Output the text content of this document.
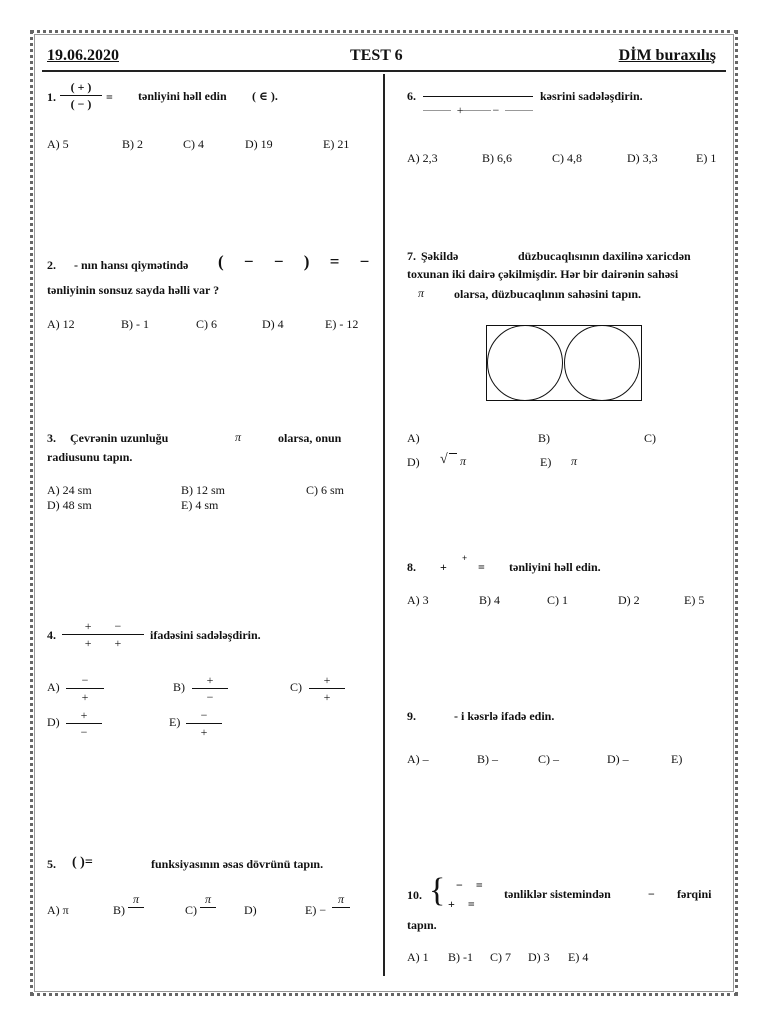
19.06.2020	TEST 6	DİM buraxılış
1.
( + )
( − )	= tənliyini həll edin ( ∈ ).
A) 5	B) 2	C) 4	D) 19	E) 21
2. - nın hansı qiymətində ( − − ) = −
tənliyinin sonsuz sayda həlli var ?
A) 12	B) - 1	C) 6	D) 4	E) - 12
3. Çevrənin uzunluğu	π	olarsa, onun
radiusunu tapın.
A) 24 sm	B) 12 sm	C) 6 sm
D) 48 sm	E) 4 sm
4.
+ −
+ +
ifadəsini sadələşdirin.
A)	−
+
B)	+
−
C)	+
+
D)	+
−
E)	−
+
5. ( )=	funksiyasının əsas dövrünü tapın.
A) π	B)
π

C)
π

D)	E) −
π

6.
+ −
kəsrini sadələşdirin.
A) 2,3	B) 6,6	C) 4,8	D) 3,3	E) 1
7. Şəkildə	düzbucaqlısının daxilinə xaricdən
toxunan iki dairə çəkilmişdir. Hər bir dairənin sahəsi
π olarsa, düzbucaqlının sahəsini tapın.
A)	B)	C)
D) √ π	E) π
8. +
+
= tənliyini həll edin.
A) 3	B) 4	C) 1	D) 2	E) 5
9.	- i kəsrlə ifadə edin.
A) –	B) –	C) –	D) –	E)
10. { − =
+ =
tənliklər sistemindən	− fərqini
tapın.
A) 1 B) -1 C) 7 D) 3 E) 4
